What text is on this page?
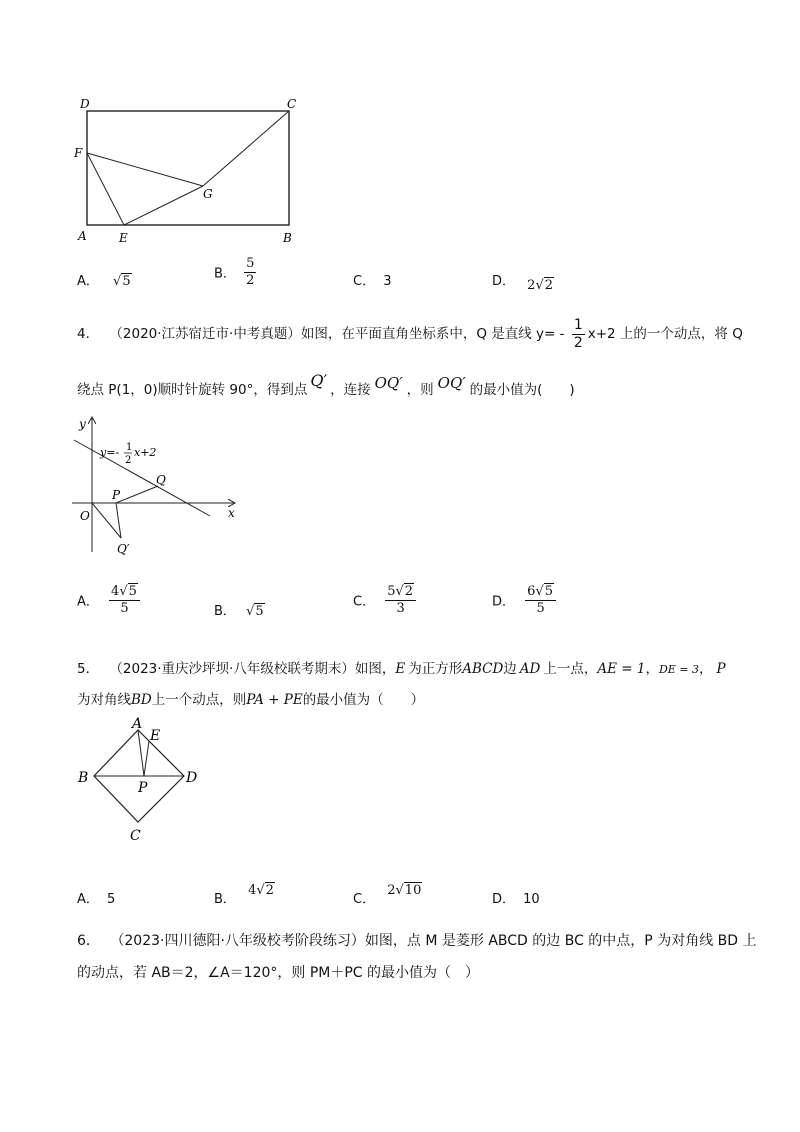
D	C
F
G
A	E	B
A． √5	B． $\frac{5}{2}$	C． 3	D． 2√2
4． （2020·江苏宿迁市·中考真题）如图，在平面直角坐标系中，Q 是直线 $y= - \frac{1}{2} x+2$ 上的一个动点，将 Q
绕点 P(1，0)顺时针旋转 90°，得到点 Q′ ，连接 OQ′ ，则 OQ′ 的最小值为(　　)
y
x
y=- 1
2
x+2
O
P
Q
Q′
A． $\frac{4√5}{5}$	B． √5
C． $\frac{5√2}{3}$	D． $\frac{6√5}{5}$
5． （2023·重庆沙坪坝·八年级校联考期末）如图，E 为正方形ABCD边 AD 上一点，AE = 1，DE = 3， P
为对角线BD上一个动点，则PA + PE的最小值为（　　）
A
E
B	D
P
C
A． 5	B． 4√2
C． 2√10
D． 10
6． （2023·四川德阳·八年级校考阶段练习）如图，点 M 是菱形 ABCD 的边 BC 的中点，P 为对角线 BD 上
的动点，若 AB＝2，∠A＝120°，则 PM＋PC 的最小值为（　）
